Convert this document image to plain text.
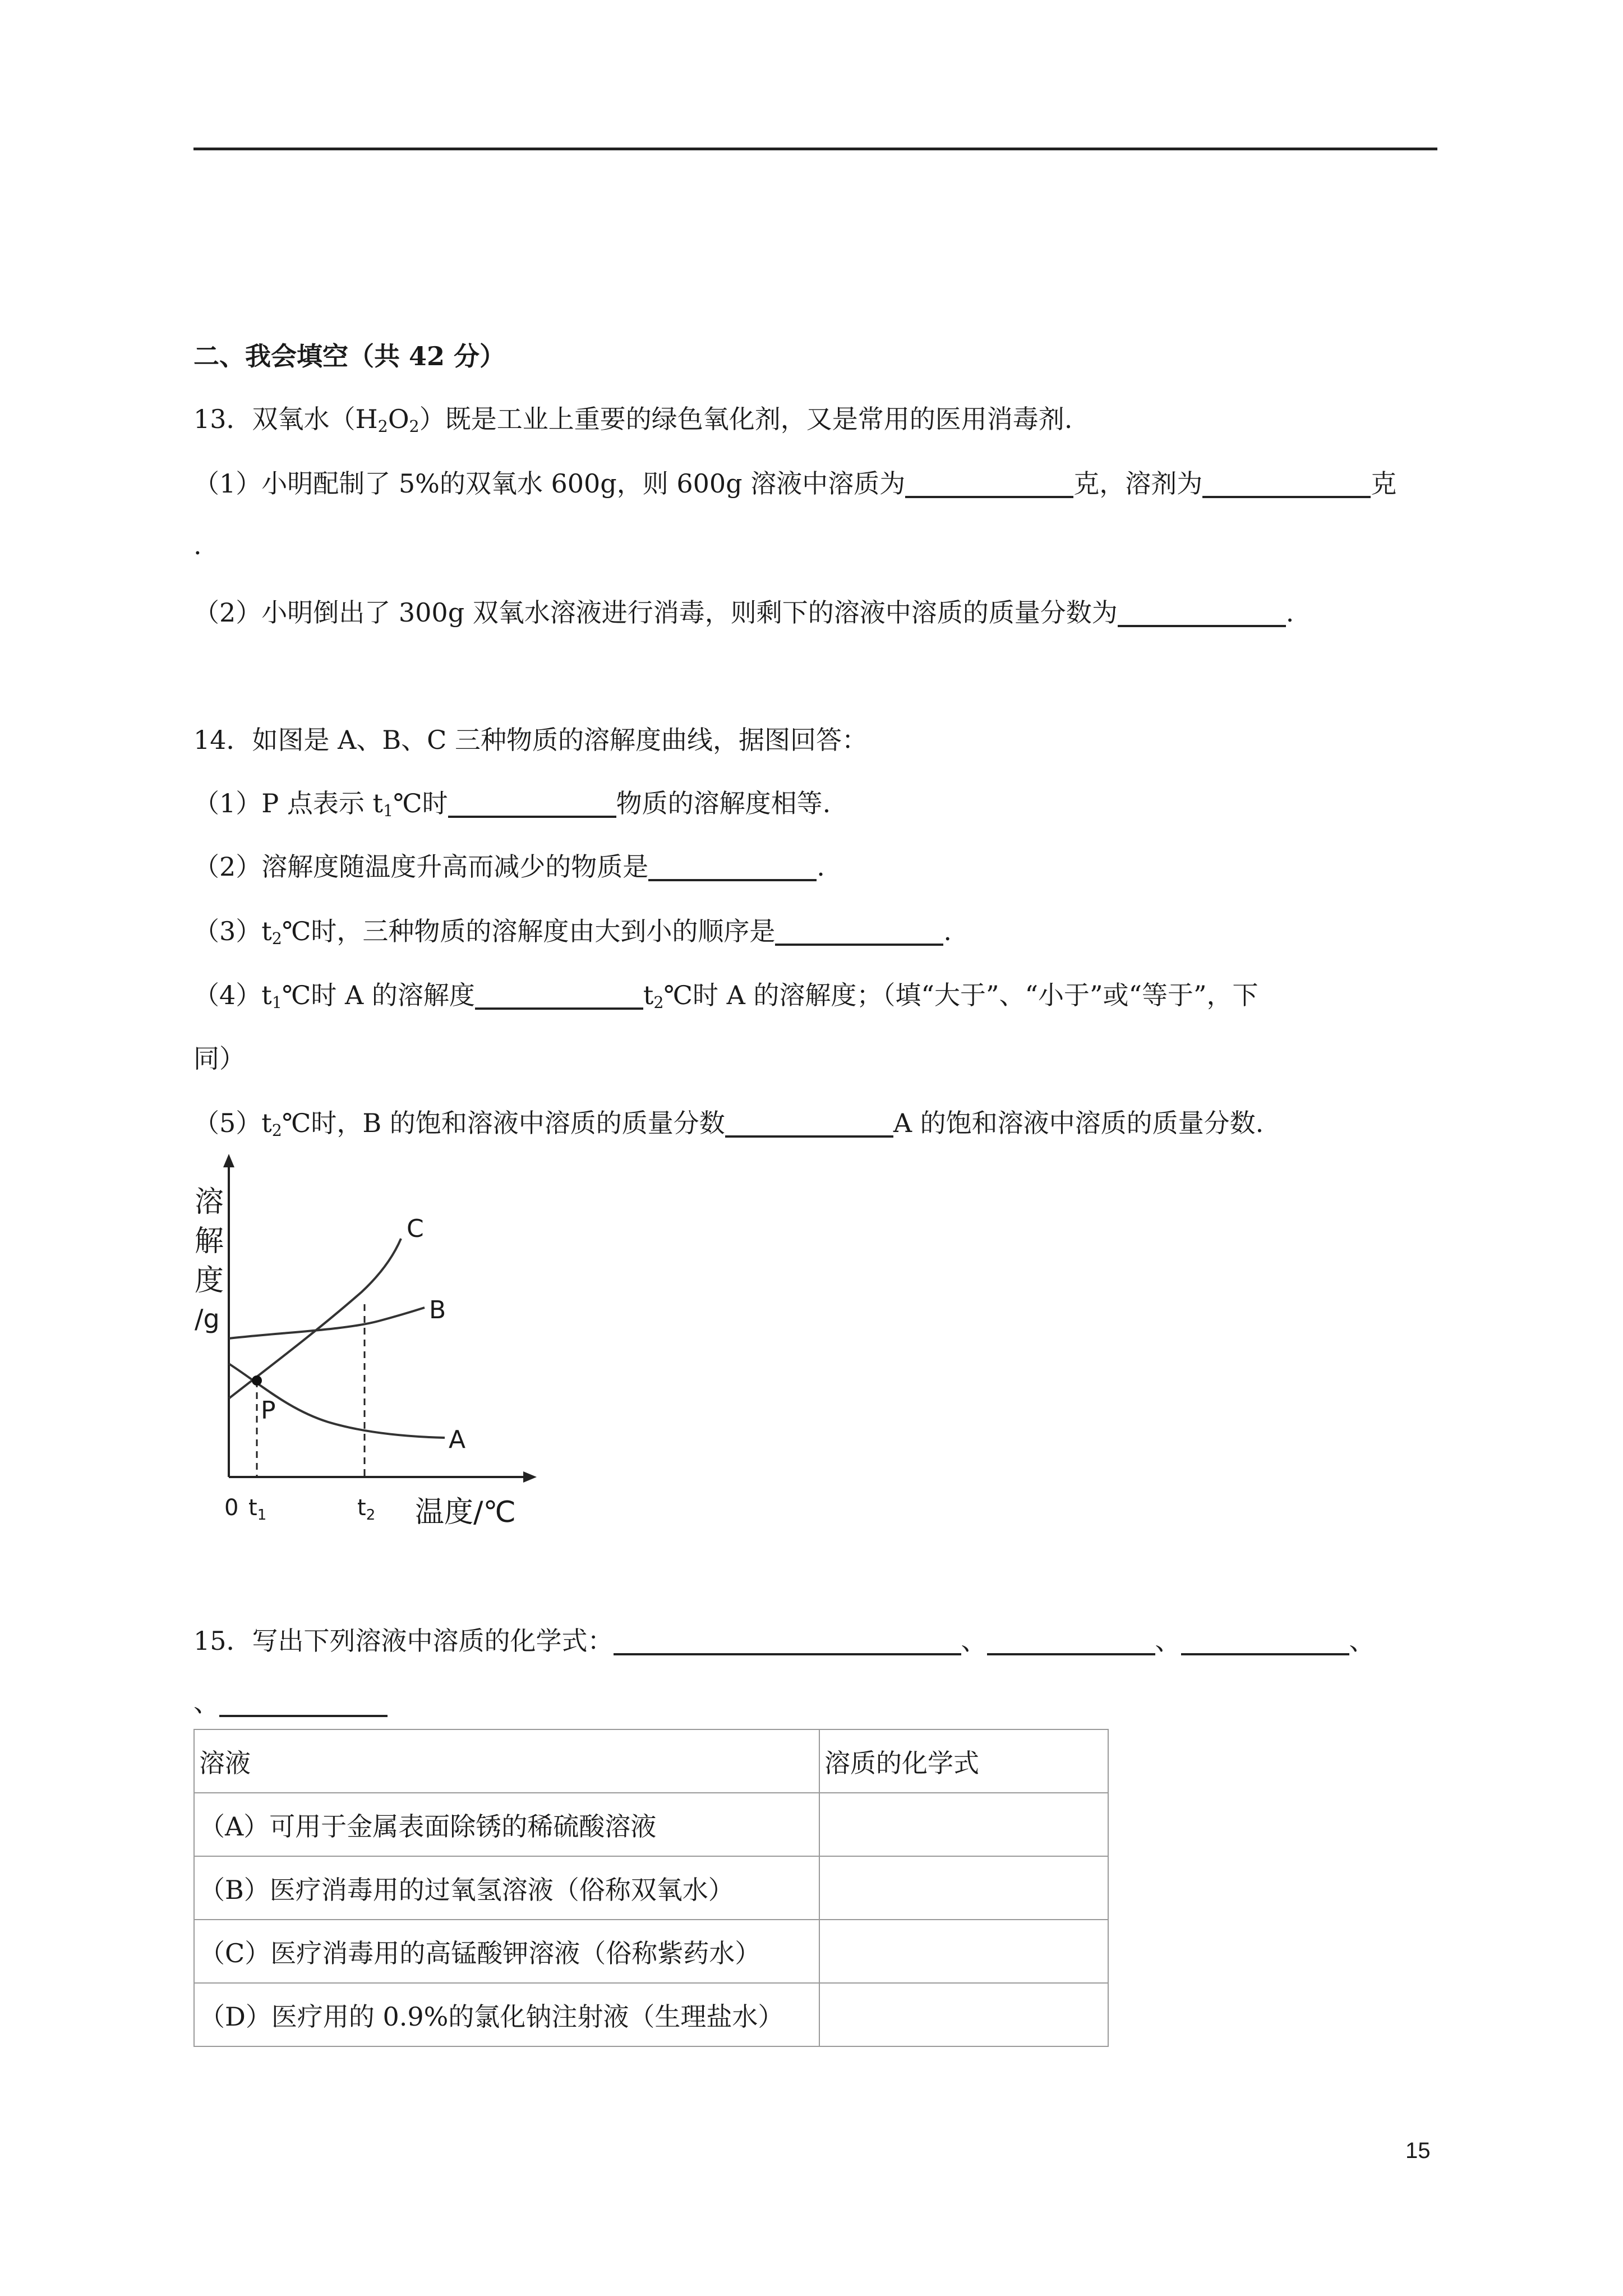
二、我会填空（共 42 分）
13．双氧水$(H_2O_2)$既是工业上重要的绿色氧化剂，又是常用的医用消毒剂.
（1）小明配制了 5%的双氧水 600g，则 600g 溶液中溶质为	克，溶剂为	克
.
（2）小明倒出了 300g 双氧水溶液进行消毒，则剩下的溶液中溶质的质量分数为	.
14．如图是 A、B、C 三种物质的溶解度曲线，据图回答：
（1）P 点表示 $t_1℃$时	物质的溶解度相等.
（2）溶解度随温度升高而减少的物质是	.
$(3)t_2℃$时，三种物质的溶解度由大到小的顺序是	.
$(4)t_1℃$时 A 的溶解度	$t_2℃$时 A 的溶解度；（填“大于”、“小于”或“等于”，下
同）
$(5)t_2℃$时，B 的饱和溶液中溶质的质量分数	A 的饱和溶液中溶质的质量分数.
溶
解
度
/g
C
B
A
P
0 $t_1$	$t_2$ 温度/℃
15．写出下列溶液中溶质的化学式：	、	、	、
、
溶液	溶质的化学式
（A）可用于金属表面除锈的稀硫酸溶液	
（B）医疗消毒用的过氧氢溶液（俗称双氧水）	
（C）医疗消毒用的高锰酸钾溶液（俗称紫药水）	
（D）医疗用的 0.9%的氯化钠注射液（生理盐水）	
15
